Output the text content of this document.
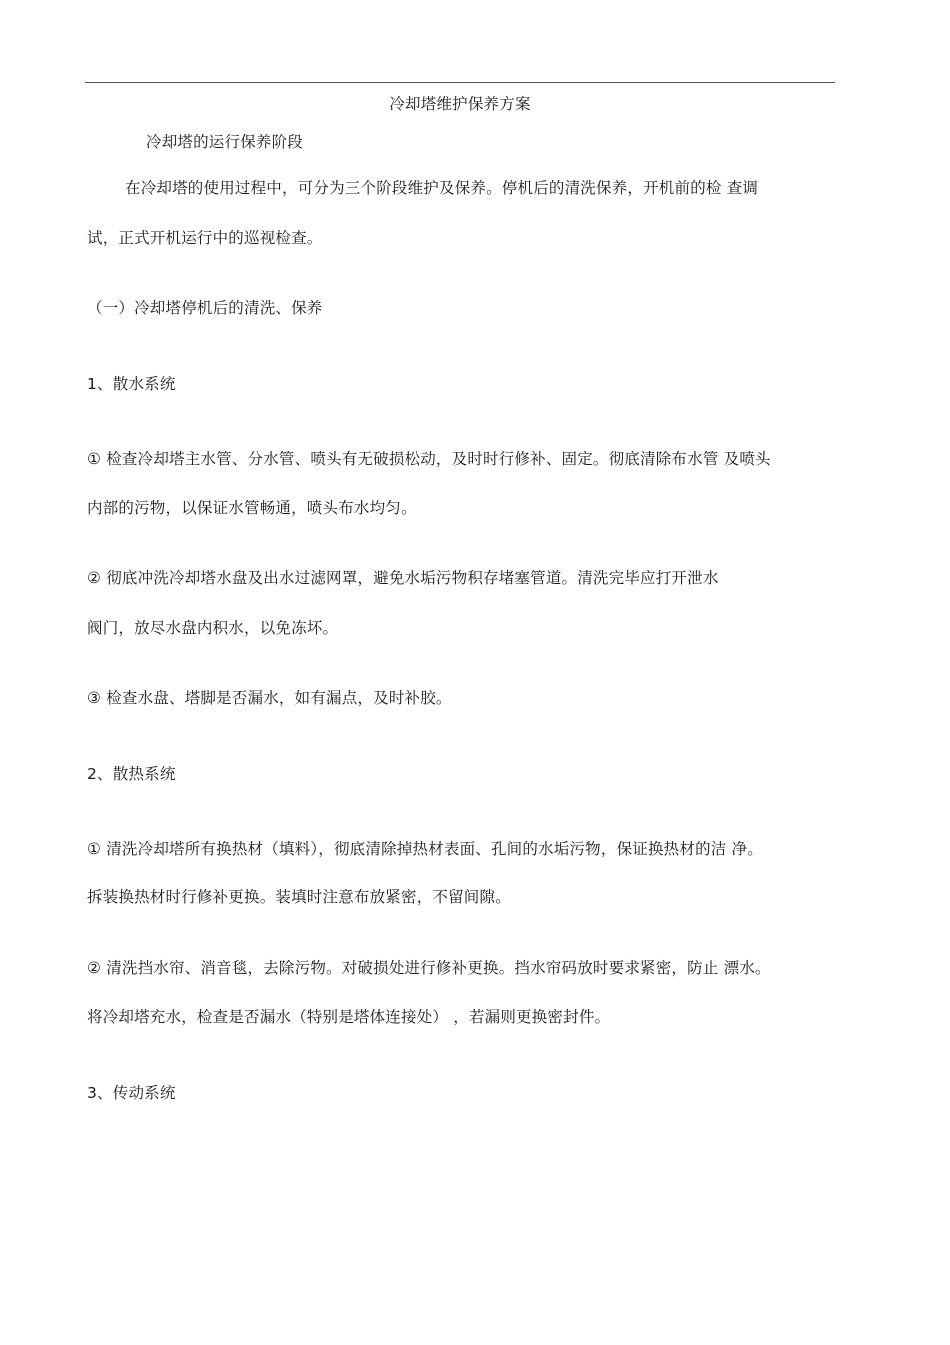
冷却塔维护保养方案
冷却塔的运行保养阶段
在冷却塔的使用过程中，可分为三个阶段维护及保养。停机后的清洗保养，开机前的检 查调
试，正式开机运行中的巡视检查。
（一）冷却塔停机后的清洗、保养
1、散水系统
① 检查冷却塔主水管、分水管、喷头有无破损松动，及时时行修补、固定。彻底清除布水管 及喷头
内部的污物，以保证水管畅通，喷头布水均匀。
② 彻底冲洗冷却塔水盘及出水过滤网罩，避免水垢污物积存堵塞管道。清洗完毕应打开泄水
阀门，放尽水盘内积水，以免冻坏。
③ 检查水盘、塔脚是否漏水，如有漏点，及时补胶。
2、散热系统
① 清洗冷却塔所有换热材（填料），彻底清除掉热材表面、孔间的水垢污物，保证换热材的洁 净。
拆装换热材时行修补更换。装填时注意布放紧密，不留间隙。
② 清洗挡水帘、消音毯，去除污物。对破损处进行修补更换。挡水帘码放时要求紧密，防止 漂水。
将冷却塔充水，检查是否漏水（特别是塔体连接处） ，若漏则更换密封件。
3、传动系统
